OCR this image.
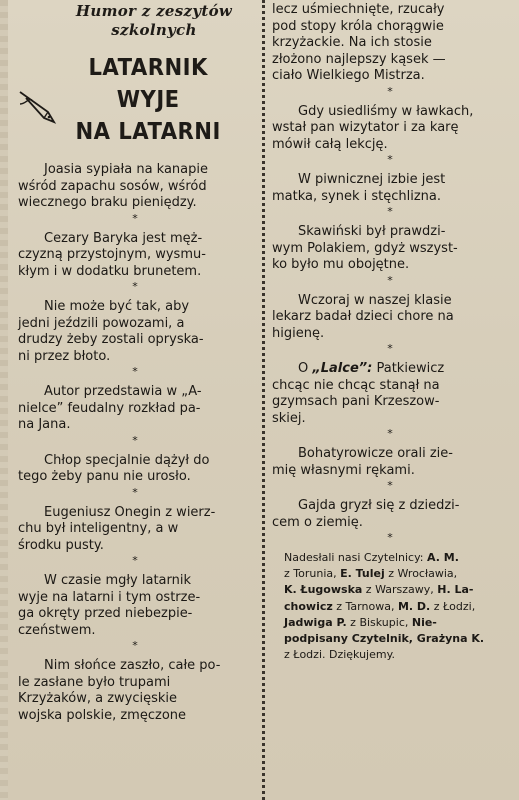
Humor z zeszytów
szkolnych
LATARNIK WYJE
NA LATARNI
Joasia sypiała na kanapie
wśród zapachu sosów, wśród
wiecznego braku pieniędzy.
*
Cezary Baryka jest męż-
czyzną przystojnym, wysmu-
kłym i w dodatku brunetem.
*
Nie może być tak, aby
jedni jeździli powozami, a
drudzy żeby zostali opryska-
ni przez błoto.
*
Autor przedstawia w „A-
nielce” feudalny rozkład pa-
na Jana.
*
Chłop specjalnie dążył do
tego żeby panu nie urosło.
*
Eugeniusz Onegin z wierz-
chu był inteligentny, a w
środku pusty.
*
W czasie mgły latarnik
wyje na latarni i tym ostrze-
ga okręty przed niebezpie-
czeństwem.
*
Nim słońce zaszło, całe po-
le zasłane było trupami
Krzyżaków, a zwycięskie
wojska polskie, zmęczone
lecz uśmiechnięte, rzucały
pod stopy króla chorągwie
krzyżackie. Na ich stosie
złożono najlepszy kąsek —
ciało Wielkiego Mistrza.
*
Gdy usiedliśmy w ławkach,
wstał pan wizytator i za karę
mówił całą lekcję.
*
W piwnicznej izbie jest
matka, synek i stęchlizna.
*
Skawiński był prawdzi-
wym Polakiem, gdyż wszyst-
ko było mu obojętne.
*
Wczoraj w naszej klasie
lekarz badał dzieci chore na
higienę.
*
O „Lalce”: Patkiewicz
chcąc nie chcąc stanął na
gzymsach pani Krzeszow-
skiej.
*
Bohatyrowicze orali zie-
mię własnymi rękami.
*
Gajda gryzł się z dziedzi-
cem o ziemię.
*
Nadesłali nasi Czytelnicy: A. M.
z Torunia, E. Tulej z Wrocławia,
K. Ługowska z Warszawy, H. La-
chowicz z Tarnowa, M. D. z Łodzi,
Jadwiga P. z Biskupic, Nie-
podpisany Czytelnik, Grażyna K.
z Łodzi. Dziękujemy.
